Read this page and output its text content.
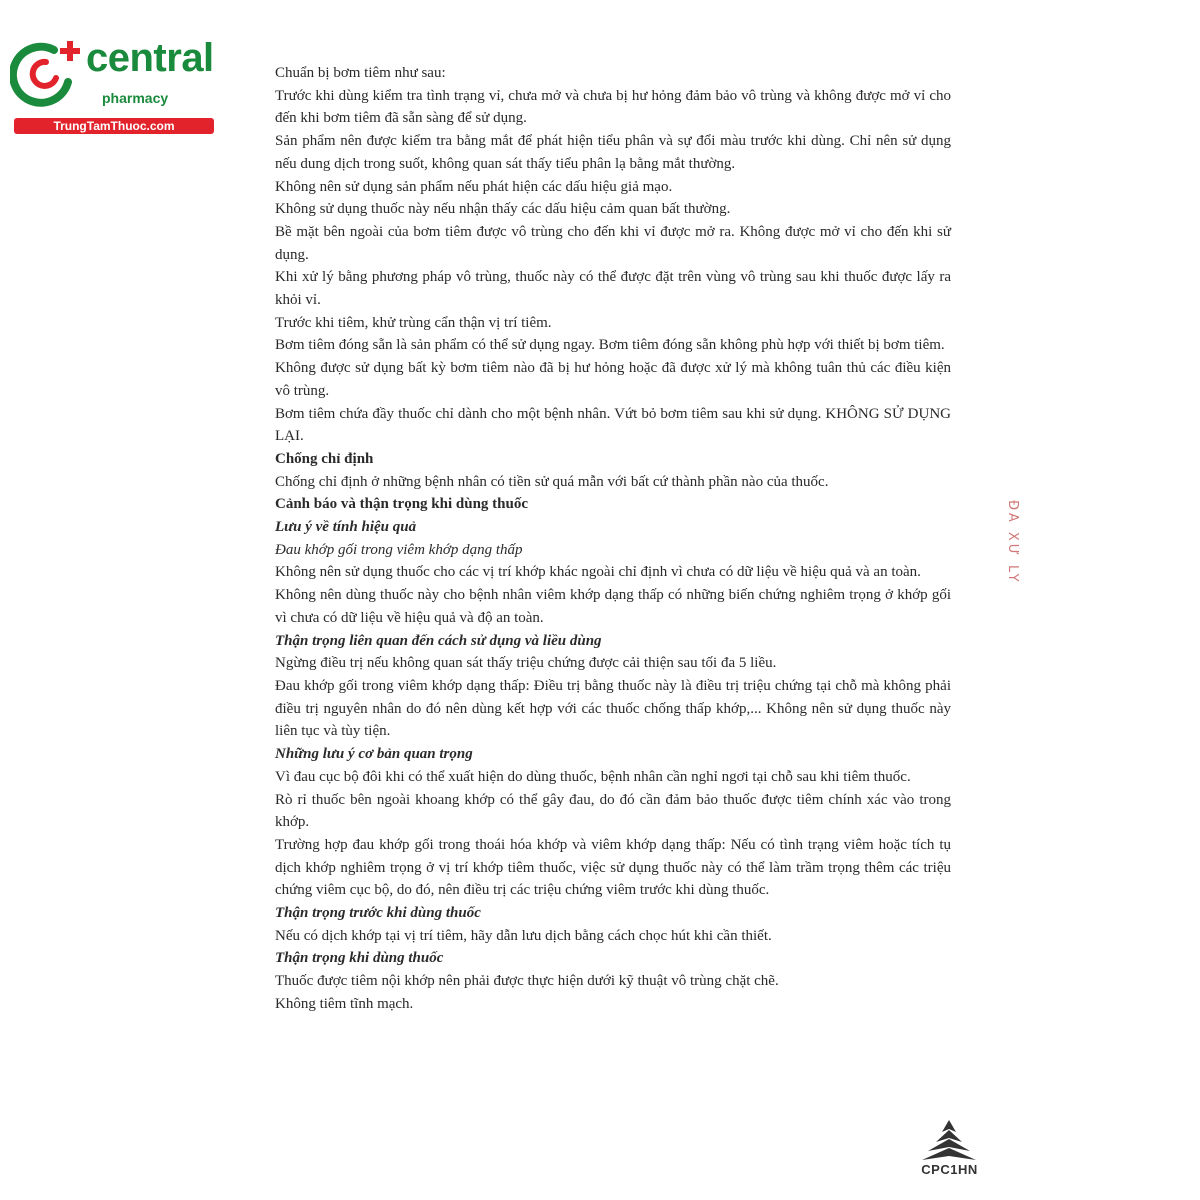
central
pharmacy
TrungTamThuoc.com

Chuẩn bị bơm tiêm như sau:

Trước khi dùng kiểm tra tình trạng vỉ, chưa mở và chưa bị hư hỏng đảm bảo vô trùng và không được mở vỉ cho đến khi bơm tiêm đã sẵn sàng để sử dụng.

Sản phẩm nên được kiểm tra bằng mắt để phát hiện tiểu phân và sự đổi màu trước khi dùng. Chỉ nên sử dụng nếu dung dịch trong suốt, không quan sát thấy tiểu phân lạ bằng mắt thường.

Không nên sử dụng sản phẩm nếu phát hiện các dấu hiệu giả mạo.

Không sử dụng thuốc này nếu nhận thấy các dấu hiệu cảm quan bất thường.

Bề mặt bên ngoài của bơm tiêm được vô trùng cho đến khi vỉ được mở ra. Không được mở vỉ cho đến khi sử dụng.

Khi xử lý bằng phương pháp vô trùng, thuốc này có thể được đặt trên vùng vô trùng sau khi thuốc được lấy ra khỏi vỉ.

Trước khi tiêm, khử trùng cẩn thận vị trí tiêm.

Bơm tiêm đóng sẵn là sản phẩm có thể sử dụng ngay. Bơm tiêm đóng sẵn không phù hợp với thiết bị bơm tiêm.

Không được sử dụng bất kỳ bơm tiêm nào đã bị hư hỏng hoặc đã được xử lý mà không tuân thủ các điều kiện vô trùng.

Bơm tiêm chứa đầy thuốc chỉ dành cho một bệnh nhân. Vứt bỏ bơm tiêm sau khi sử dụng. KHÔNG SỬ DỤNG LẠI.

Chống chỉ định

Chống chỉ định ở những bệnh nhân có tiền sử quá mẫn với bất cứ thành phần nào của thuốc.

Cảnh báo và thận trọng khi dùng thuốc

Lưu ý về tính hiệu quả

Đau khớp gối trong viêm khớp dạng thấp

Không nên sử dụng thuốc cho các vị trí khớp khác ngoài chỉ định vì chưa có dữ liệu về hiệu quả và an toàn.

Không nên dùng thuốc này cho bệnh nhân viêm khớp dạng thấp có những biến chứng nghiêm trọng ở khớp gối vì chưa có dữ liệu về hiệu quả và độ an toàn.

Thận trọng liên quan đến cách sử dụng và liều dùng

Ngừng điều trị nếu không quan sát thấy triệu chứng được cải thiện sau tối đa 5 liều.

Đau khớp gối trong viêm khớp dạng thấp: Điều trị bằng thuốc này là điều trị triệu chứng tại chỗ mà không phải điều trị nguyên nhân do đó nên dùng kết hợp với các thuốc chống thấp khớp,... Không nên sử dụng thuốc này liên tục và tùy tiện.

Những lưu ý cơ bản quan trọng

Vì đau cục bộ đôi khi có thể xuất hiện do dùng thuốc, bệnh nhân cần nghỉ ngơi tại chỗ sau khi tiêm thuốc.

Rò rỉ thuốc bên ngoài khoang khớp có thể gây đau, do đó cần đảm bảo thuốc được tiêm chính xác vào trong khớp.

Trường hợp đau khớp gối trong thoái hóa khớp và viêm khớp dạng thấp: Nếu có tình trạng viêm hoặc tích tụ dịch khớp nghiêm trọng ở vị trí khớp tiêm thuốc, việc sử dụng thuốc này có thể làm trầm trọng thêm các triệu chứng viêm cục bộ, do đó, nên điều trị các triệu chứng viêm trước khi dùng thuốc.

Thận trọng trước khi dùng thuốc

Nếu có dịch khớp tại vị trí tiêm, hãy dẫn lưu dịch bằng cách chọc hút khi cần thiết.

Thận trọng khi dùng thuốc

Thuốc được tiêm nội khớp nên phải được thực hiện dưới kỹ thuật vô trùng chặt chẽ.

Không tiêm tĩnh mạch.

ĐÃ XỬ LÝ
CPC1HN
